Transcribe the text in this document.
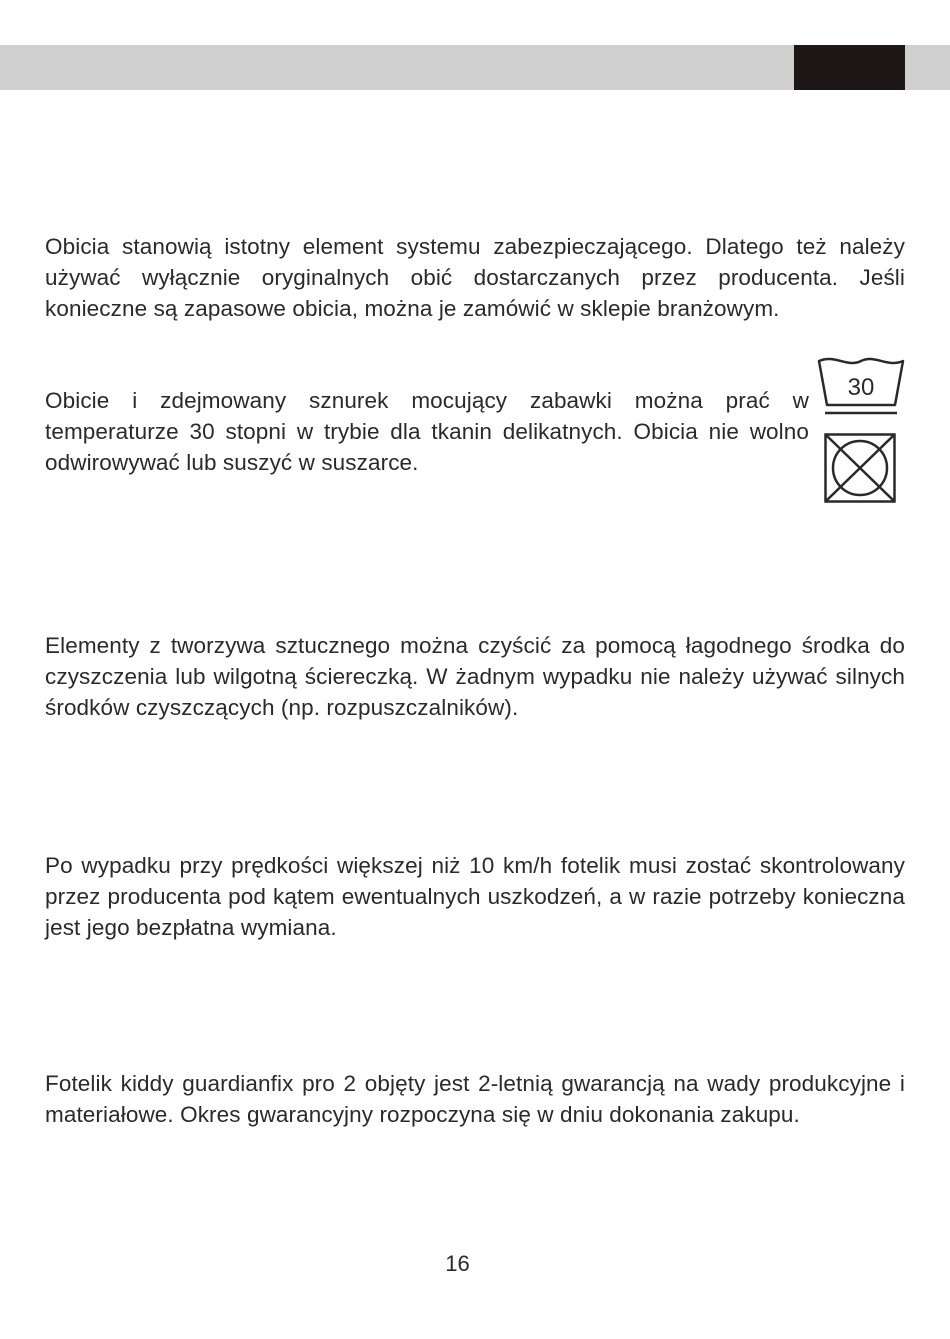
Obicia stanowią istotny element systemu zabezpieczającego. Dlatego też należy używać wyłącznie oryginalnych obić dostarczanych przez producenta. Jeśli konieczne są zapasowe obicia, można je zamówić w sklepie branżowym.

Obicie i zdejmowany sznurek mocujący zabawki można prać w temperaturze 30 stopni w trybie dla tkanin delikatnych. Obicia nie wolno odwirowywać lub suszyć w suszarce.

30

Elementy z tworzywa sztucznego można czyścić za pomocą łagodnego środka do czyszczenia lub wilgotną ściereczką. W żadnym wypadku nie należy używać silnych środków czyszczących (np. rozpuszczalników).

Po wypadku przy prędkości większej niż 10 km/h fotelik musi zostać skontrolowany przez producenta pod kątem ewentualnych uszkodzeń, a w razie potrzeby konieczna jest jego bezpłatna wymiana.

Fotelik kiddy guardianfix pro 2 objęty jest 2-letnią gwarancją na wady produkcyjne i materiałowe. Okres gwarancyjny rozpoczyna się w dniu dokonania zakupu.

16
